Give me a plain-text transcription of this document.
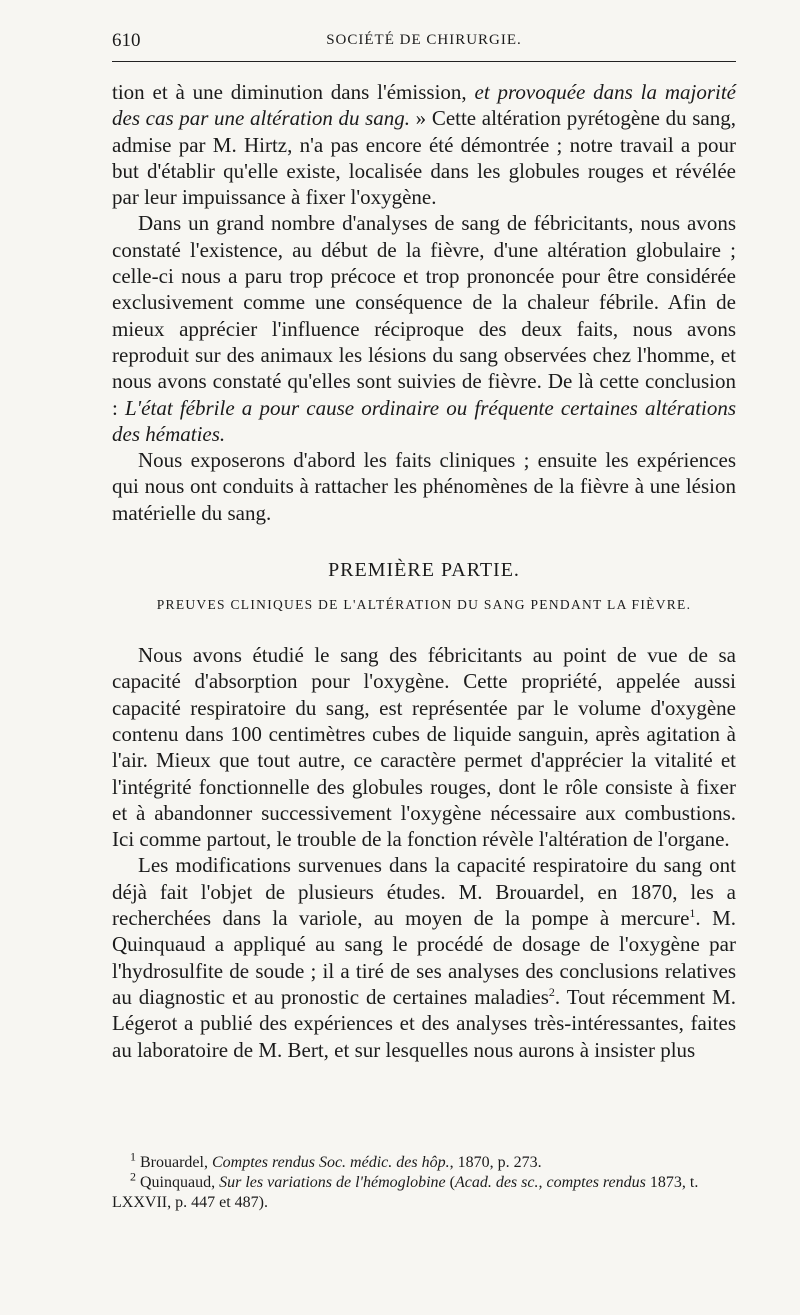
610	SOCIÉTÉ DE CHIRURGIE.

tion et à une diminution dans l'émission, et provoquée dans la majorité des cas par une altération du sang. » Cette altération pyrétogène du sang, admise par M. Hirtz, n'a pas encore été démontrée ; notre travail a pour but d'établir qu'elle existe, localisée dans les globules rouges et révélée par leur impuissance à fixer l'oxygène.

Dans un grand nombre d'analyses de sang de fébricitants, nous avons constaté l'existence, au début de la fièvre, d'une altération globulaire ; celle-ci nous a paru trop précoce et trop prononcée pour être considérée exclusivement comme une conséquence de la chaleur fébrile. Afin de mieux apprécier l'influence réciproque des deux faits, nous avons reproduit sur des animaux les lésions du sang observées chez l'homme, et nous avons constaté qu'elles sont suivies de fièvre. De là cette conclusion : L'état fébrile a pour cause ordinaire ou fréquente certaines altérations des hématies.

Nous exposerons d'abord les faits cliniques ; ensuite les expériences qui nous ont conduits à rattacher les phénomènes de la fièvre à une lésion matérielle du sang.

PREMIÈRE PARTIE.
PREUVES CLINIQUES DE L'ALTÉRATION DU SANG PENDANT LA FIÈVRE.

Nous avons étudié le sang des fébricitants au point de vue de sa capacité d'absorption pour l'oxygène. Cette propriété, appelée aussi capacité respiratoire du sang, est représentée par le volume d'oxygène contenu dans 100 centimètres cubes de liquide sanguin, après agitation à l'air. Mieux que tout autre, ce caractère permet d'apprécier la vitalité et l'intégrité fonctionnelle des globules rouges, dont le rôle consiste à fixer et à abandonner successivement l'oxygène nécessaire aux combustions. Ici comme partout, le trouble de la fonction révèle l'altération de l'organe.

Les modifications survenues dans la capacité respiratoire du sang ont déjà fait l'objet de plusieurs études. M. Brouardel, en 1870, les a recherchées dans la variole, au moyen de la pompe à mercure$^1$. M. Quinquaud a appliqué au sang le procédé de dosage de l'oxygène par l'hydrosulfite de soude ; il a tiré de ses analyses des conclusions relatives au diagnostic et au pronostic de certaines maladies$^2$. Tout récemment M. Légerot a publié des expériences et des analyses très-intéressantes, faites au laboratoire de M. Bert, et sur lesquelles nous aurons à insister plus

$^1$ Brouardel, Comptes rendus Soc. médic. des hôp., 1870, p. 273.

$^2$ Quinquaud, Sur les variations de l'hémoglobine (Acad. des sc., comptes rendus 1873, t. LXXVII, p. 447 et 487).
